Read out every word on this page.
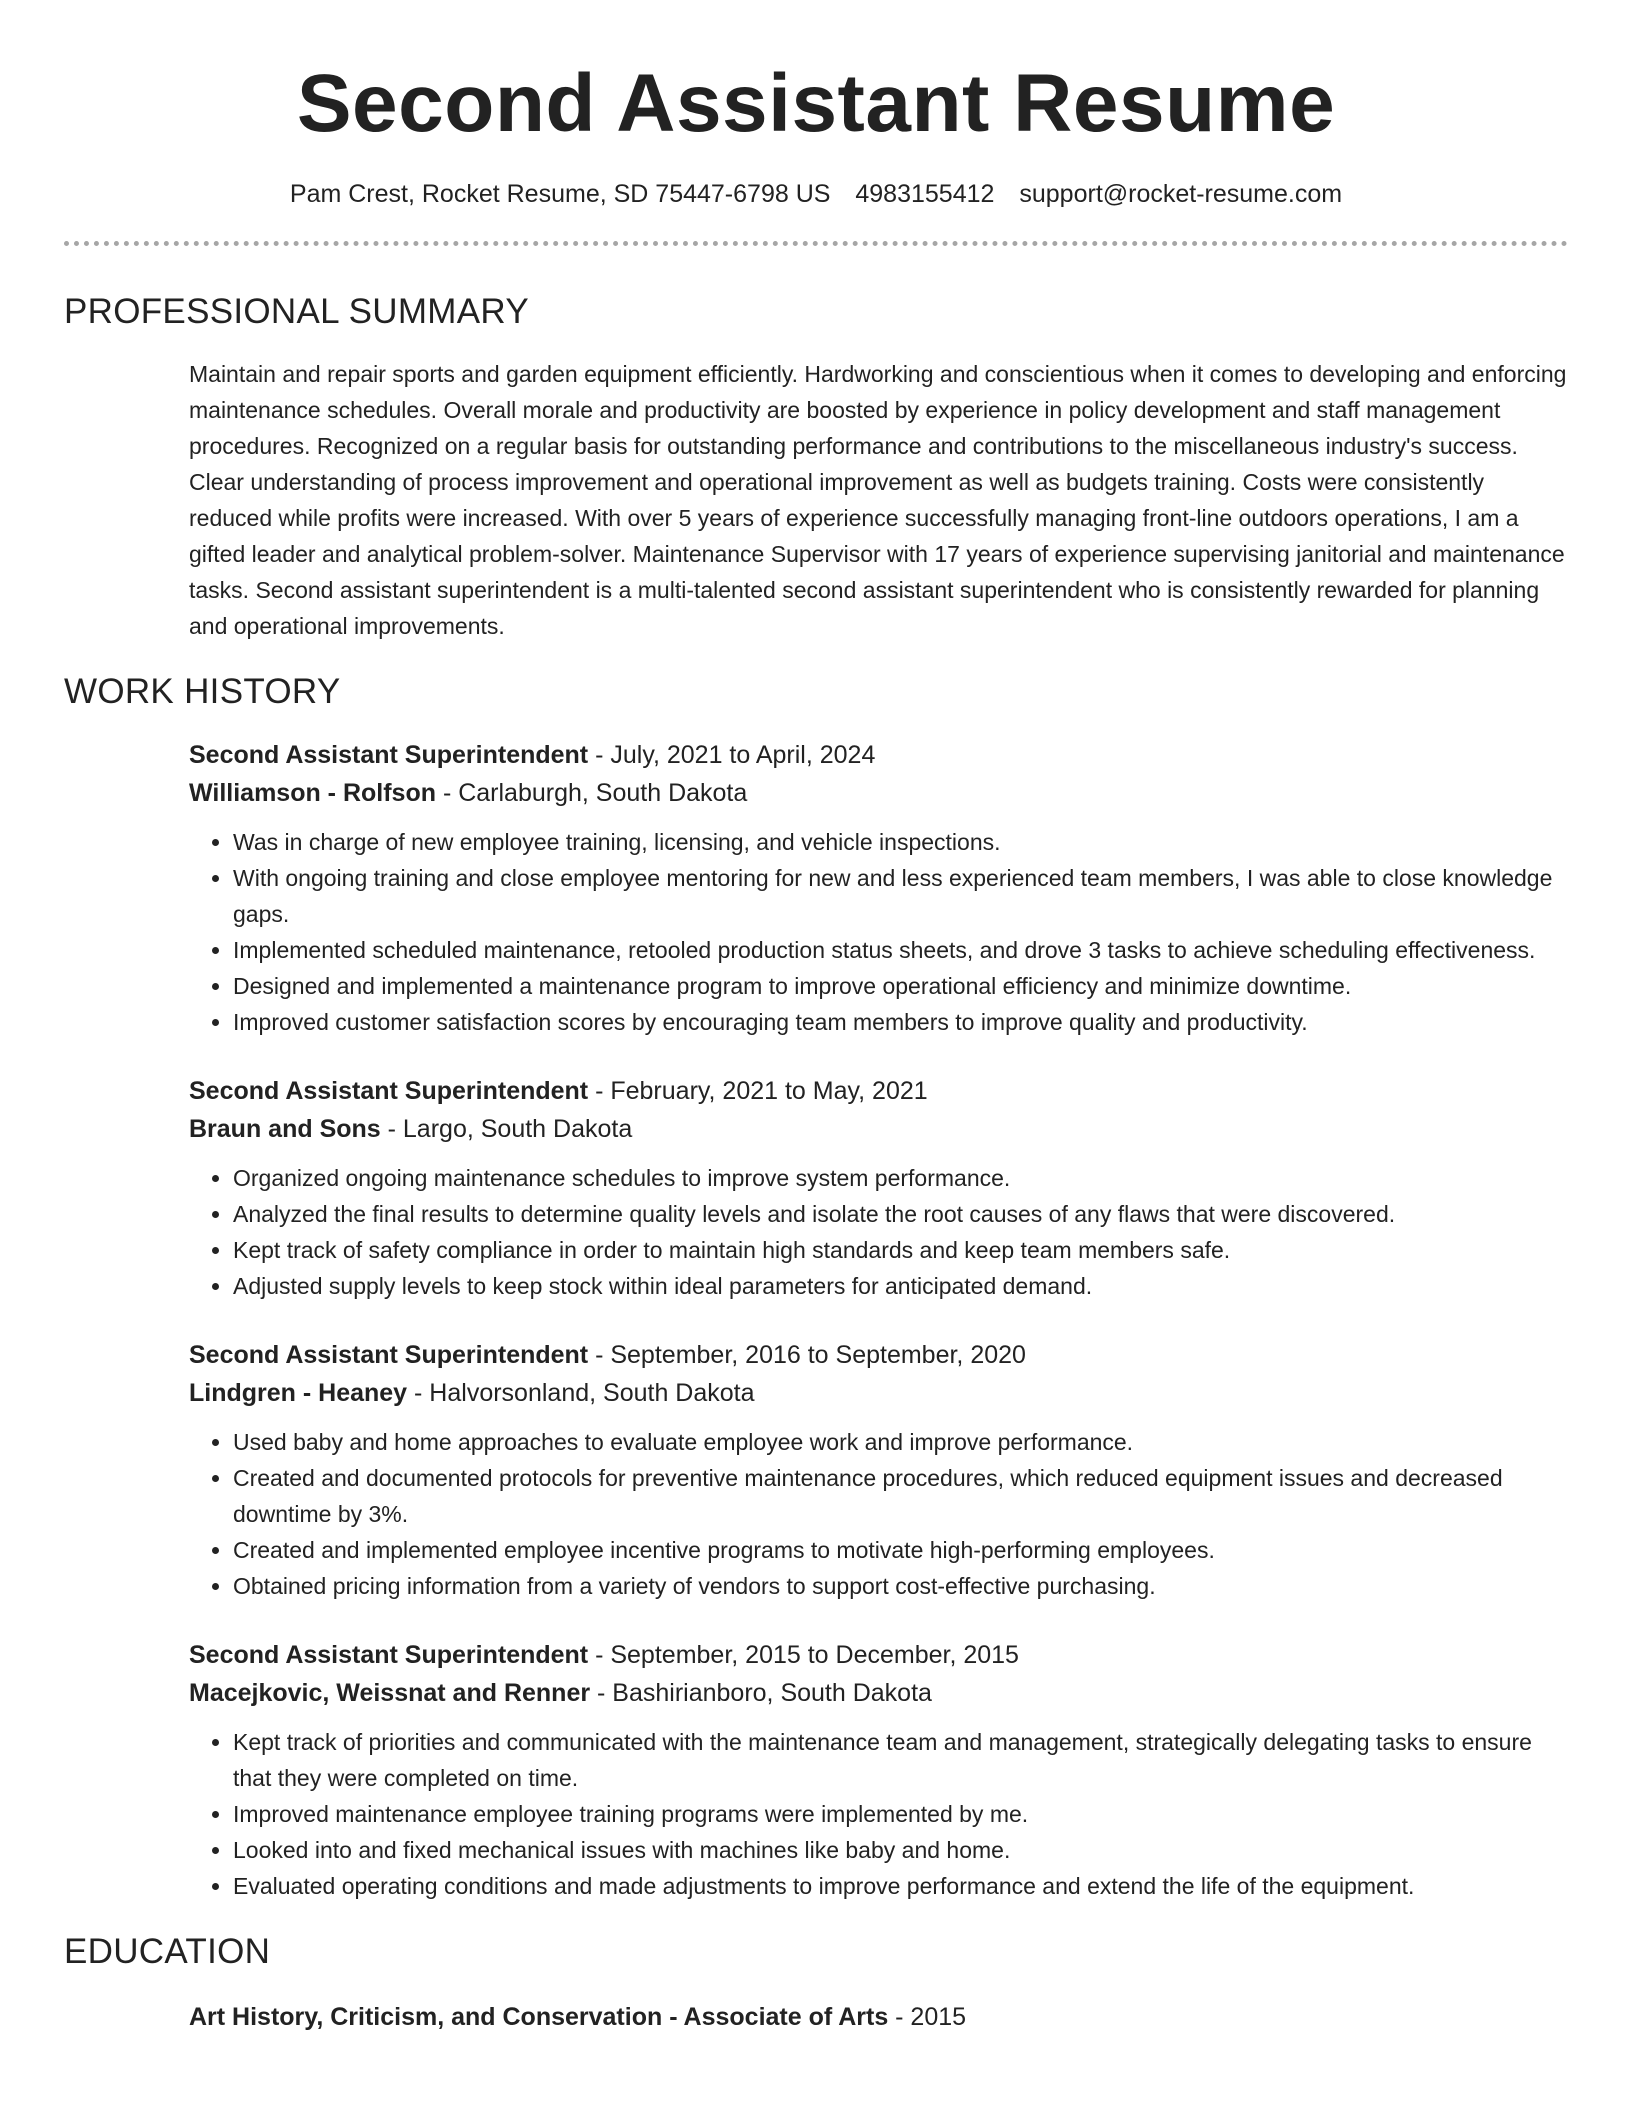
Second Assistant Resume
Pam Crest, Rocket Resume, SD 75447-6798 US 4983155412 support@rocket-resume.com
PROFESSIONAL SUMMARY

Maintain and repair sports and garden equipment efficiently. Hardworking and conscientious when it comes to developing and enforcing maintenance schedules. Overall morale and productivity are boosted by experience in policy development and staff management procedures. Recognized on a regular basis for outstanding performance and contributions to the miscellaneous industry's success. Clear understanding of process improvement and operational improvement as well as budgets training. Costs were consistently reduced while profits were increased. With over 5 years of experience successfully managing front-line outdoors operations, I am a gifted leader and analytical problem-solver. Maintenance Supervisor with 17 years of experience supervising janitorial and maintenance tasks. Second assistant superintendent is a multi-talented second assistant superintendent who is consistently rewarded for planning and operational improvements.

WORK HISTORY
Second Assistant Superintendent - July, 2021 to April, 2024
Williamson - Rolfson - Carlaburgh, South Dakota
• Was in charge of new employee training, licensing, and vehicle inspections.
• With ongoing training and close employee mentoring for new and less experienced team members, I was able to close knowledge gaps.
• Implemented scheduled maintenance, retooled production status sheets, and drove 3 tasks to achieve scheduling effectiveness.
• Designed and implemented a maintenance program to improve operational efficiency and minimize downtime.
• Improved customer satisfaction scores by encouraging team members to improve quality and productivity.
Second Assistant Superintendent - February, 2021 to May, 2021
Braun and Sons - Largo, South Dakota
• Organized ongoing maintenance schedules to improve system performance.
• Analyzed the final results to determine quality levels and isolate the root causes of any flaws that were discovered.
• Kept track of safety compliance in order to maintain high standards and keep team members safe.
• Adjusted supply levels to keep stock within ideal parameters for anticipated demand.
Second Assistant Superintendent - September, 2016 to September, 2020
Lindgren - Heaney - Halvorsonland, South Dakota
• Used baby and home approaches to evaluate employee work and improve performance.
• Created and documented protocols for preventive maintenance procedures, which reduced equipment issues and decreased downtime by 3%.
• Created and implemented employee incentive programs to motivate high-performing employees.
• Obtained pricing information from a variety of vendors to support cost-effective purchasing.
Second Assistant Superintendent - September, 2015 to December, 2015
Macejkovic, Weissnat and Renner - Bashirianboro, South Dakota
• Kept track of priorities and communicated with the maintenance team and management, strategically delegating tasks to ensure that they were completed on time.
• Improved maintenance employee training programs were implemented by me.
• Looked into and fixed mechanical issues with machines like baby and home.
• Evaluated operating conditions and made adjustments to improve performance and extend the life of the equipment.
EDUCATION
Art History, Criticism, and Conservation - Associate of Arts - 2015
